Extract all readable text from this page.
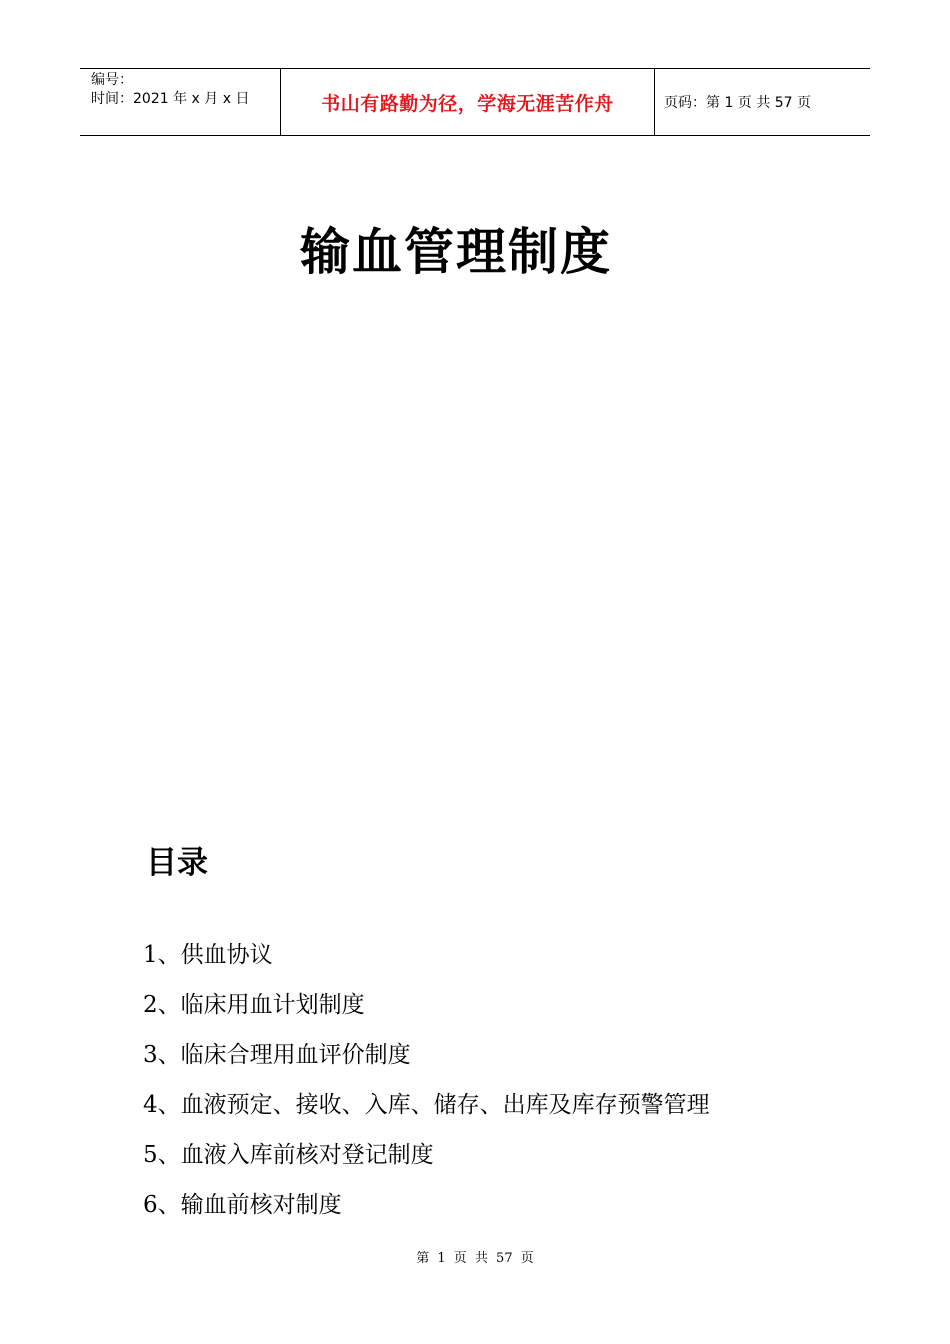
编号：
时间：2021 年 x 月 x 日	书山有路勤为径，学海无涯苦作舟	页码：第 1 页 共 57 页
输血管理制度
目录
1、供血协议
2、临床用血计划制度
3、临床合理用血评价制度
4、血液预定、接收、入库、储存、出库及库存预警管理
5、血液入库前核对登记制度
6、输血前核对制度
第 1 页 共 57 页
